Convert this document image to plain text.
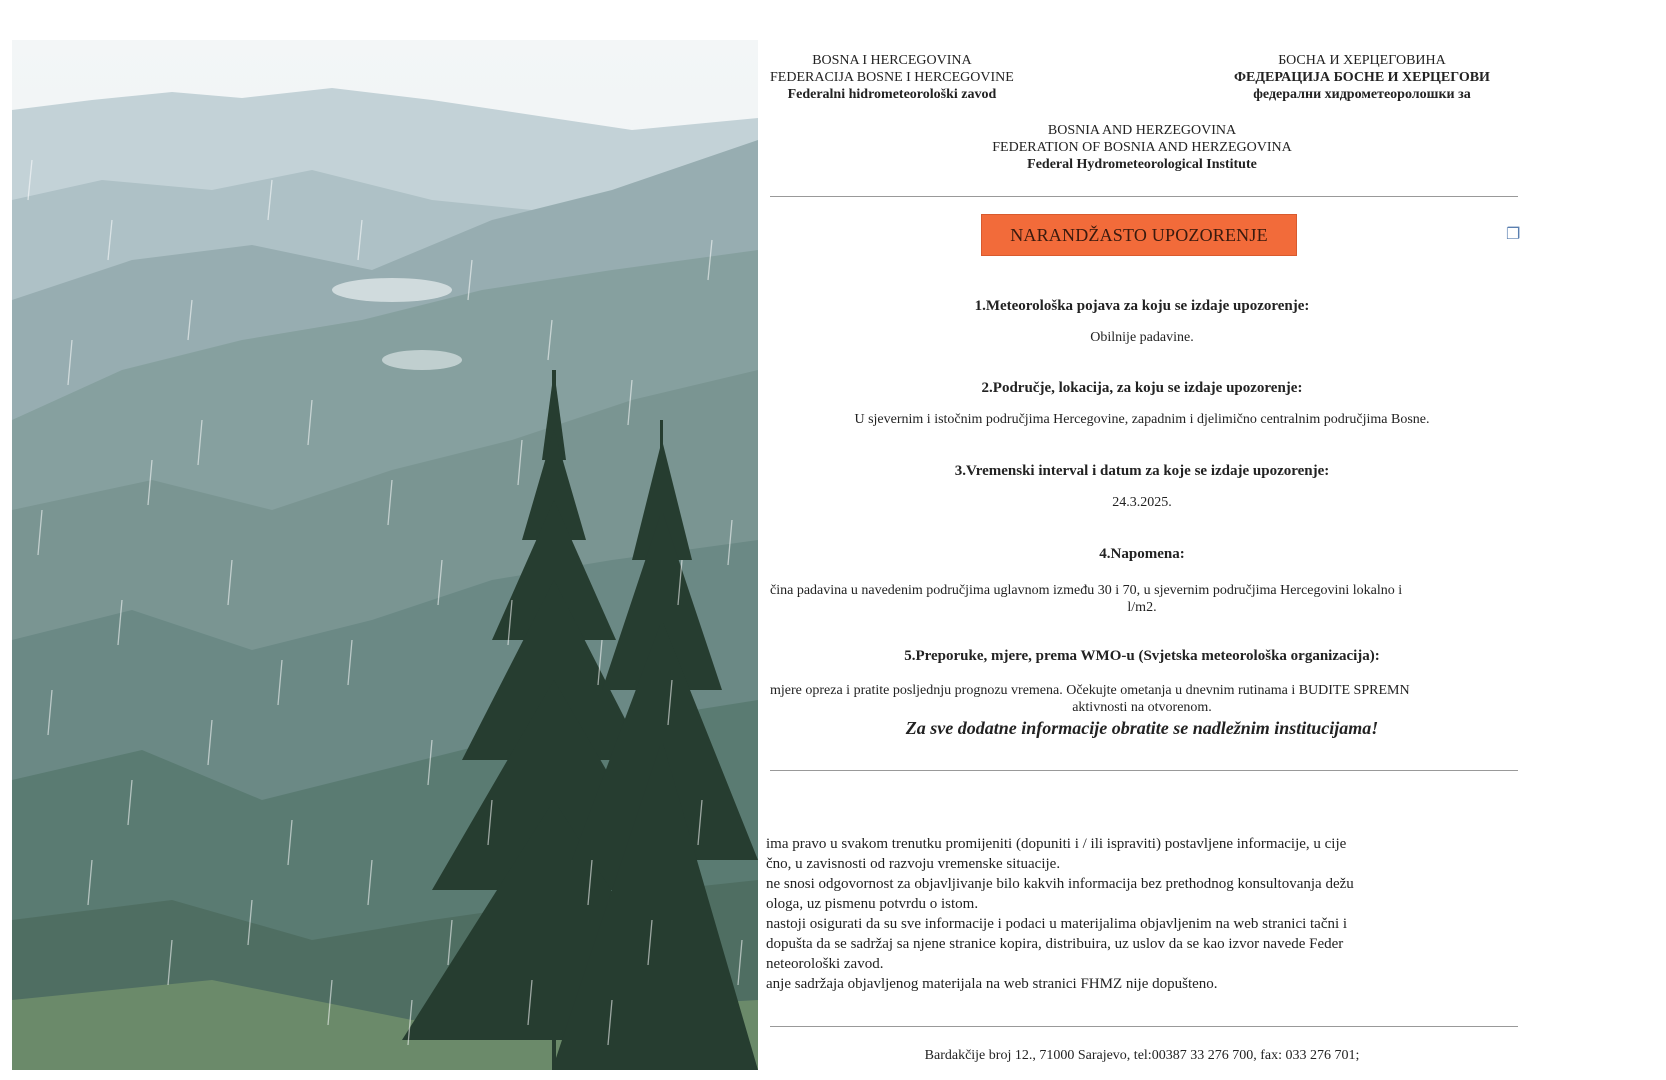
BOSNA I HERCEGOVINA
FEDERACIJA BOSNE I HERCEGOVINE
Federalni hidrometeorološki zavod
БОСНА И ХЕРЦЕГОВИНА
ФЕДЕРАЦИЈА БОСНЕ И ХЕРЦЕГОВИ
федерални хидрометеоролошки за
BOSNIA AND HERZEGOVINA
FEDERATION OF BOSNIA AND HERZEGOVINA
Federal Hydrometeorological Institute
NARANDŽASTO UPOZORENJE	❐
1.Meteorološka pojava za koju se izdaje upozorenje:
Obilnije padavine.
2.Područje, lokacija, za koju se izdaje upozorenje:
U sjevernim i istočnim područjima Hercegovine, zapadnim i djelimično centralnim područjima Bosne.
3.Vremenski interval i datum za koje se izdaje upozorenje:
24.3.2025.
4.Napomena:
čina padavina u navedenim područjima uglavnom između 30 i 70, u sjevernim područjima Hercegovini lokalno i
l/m2.
5.Preporuke, mjere, prema WMO-u (Svjetska meteorološka organizacija):
mjere opreza i pratite posljednju prognozu vremena. Očekujte ometanja u dnevnim rutinama i BUDITE SPREMN
aktivnosti na otvorenom.
Za sve dodatne informacije obratite se nadležnim institucijama!
ima pravo u svakom trenutku promijeniti (dopuniti i / ili ispraviti) postavljene informacije, u cije
čno, u zavisnosti od razvoju vremenske situacije.
ne snosi odgovornost za objavljivanje bilo kakvih informacija bez prethodnog konsultovanja dežu
ologa, uz pismenu potvrdu o istom.
nastoji osigurati da su sve informacije i podaci u materijalima objavljenim na web stranici tačni i
dopušta da se sadržaj sa njene stranice kopira, distribuira, uz uslov da se kao izvor navede Feder
neteorološki zavod.
anje sadržaja objavljenog materijala na web stranici FHMZ nije dopušteno.
Bardakčije broj 12., 71000 Sarajevo, tel:00387 33 276 700, fax: 033 276 701;
